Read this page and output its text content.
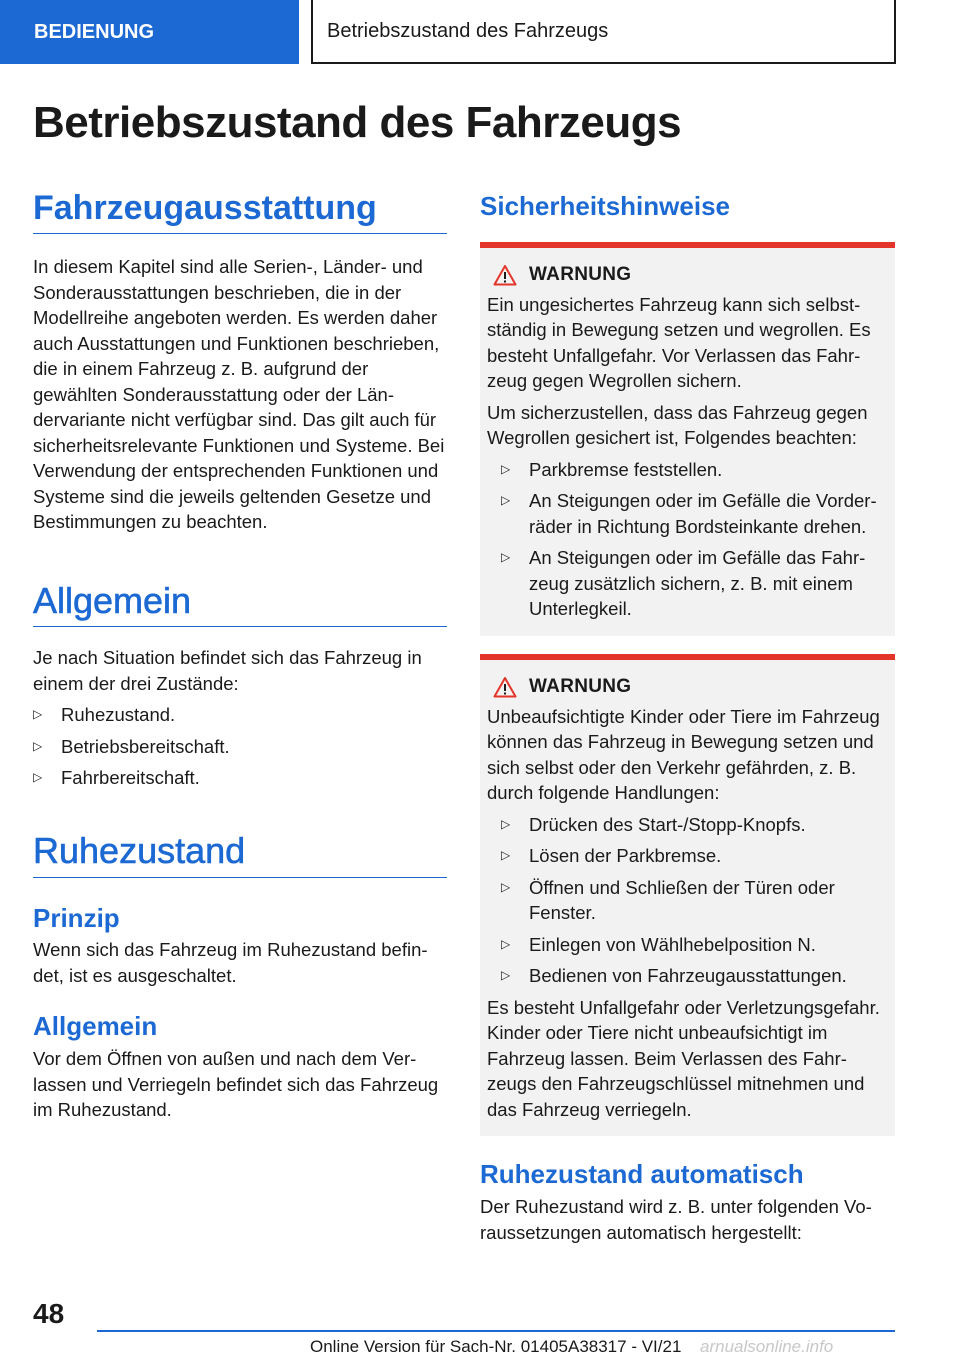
BEDIENUNG	Betriebszustand des Fahrzeugs
Betriebszustand des Fahrzeugs
Fahrzeugausstattung

In diesem Kapitel sind alle Serien-, Länder- und Sonderausstattungen beschrieben, die in der Modellreihe angeboten werden. Es werden daher auch Ausstattungen und Funktionen beschrieben, die in einem Fahrzeug z. B. aufgrund der gewählten Sonderausstattung oder der Ländervariante nicht verfügbar sind. Das gilt auch für sicherheitsrelevante Funktionen und Systeme. Bei Verwendung der entsprechenden Funktionen und Systeme sind die jeweils geltenden Gesetze und Bestimmungen zu beachten.

Allgemein

Je nach Situation befindet sich das Fahrzeug in einem der drei Zustände:

▷ Ruhezustand.
▷ Betriebsbereitschaft.
▷ Fahrbereitschaft.
Ruhezustand
Prinzip

Wenn sich das Fahrzeug im Ruhezustand befindet, ist es ausgeschaltet.

Allgemein

Vor dem Öffnen von außen und nach dem Verlassen und Verriegeln befindet sich das Fahrzeug im Ruhezustand.

Sicherheitshinweise
WARNUNG

Ein ungesichertes Fahrzeug kann sich selbstständig in Bewegung setzen und wegrollen. Es besteht Unfallgefahr. Vor Verlassen das Fahrzeug gegen Wegrollen sichern.

Um sicherzustellen, dass das Fahrzeug gegen Wegrollen gesichert ist, Folgendes beachten:

▷ Parkbremse feststellen.
▷ An Steigungen oder im Gefälle die Vorderräder in Richtung Bordsteinkante drehen.
▷ An Steigungen oder im Gefälle das Fahrzeug zusätzlich sichern, z. B. mit einem Unterlegkeil.
WARNUNG

Unbeaufsichtigte Kinder oder Tiere im Fahrzeug können das Fahrzeug in Bewegung setzen und sich selbst oder den Verkehr gefährden, z. B. durch folgende Handlungen:

▷ Drücken des Start-/Stopp-Knopfs.
▷ Lösen der Parkbremse.
▷ Öffnen und Schließen der Türen oder Fenster.
▷ Einlegen von Wählhebelposition N.
▷ Bedienen von Fahrzeugausstattungen.

Es besteht Unfallgefahr oder Verletzungsgefahr. Kinder oder Tiere nicht unbeaufsichtigt im Fahrzeug lassen. Beim Verlassen des Fahrzeugs den Fahrzeugschlüssel mitnehmen und das Fahrzeug verriegeln.

Ruhezustand automatisch

Der Ruhezustand wird z. B. unter folgenden Voraussetzungen automatisch hergestellt:

48
Online Version für Sach-Nr. 01405A38317 - VI/21 arnualsonline.info
